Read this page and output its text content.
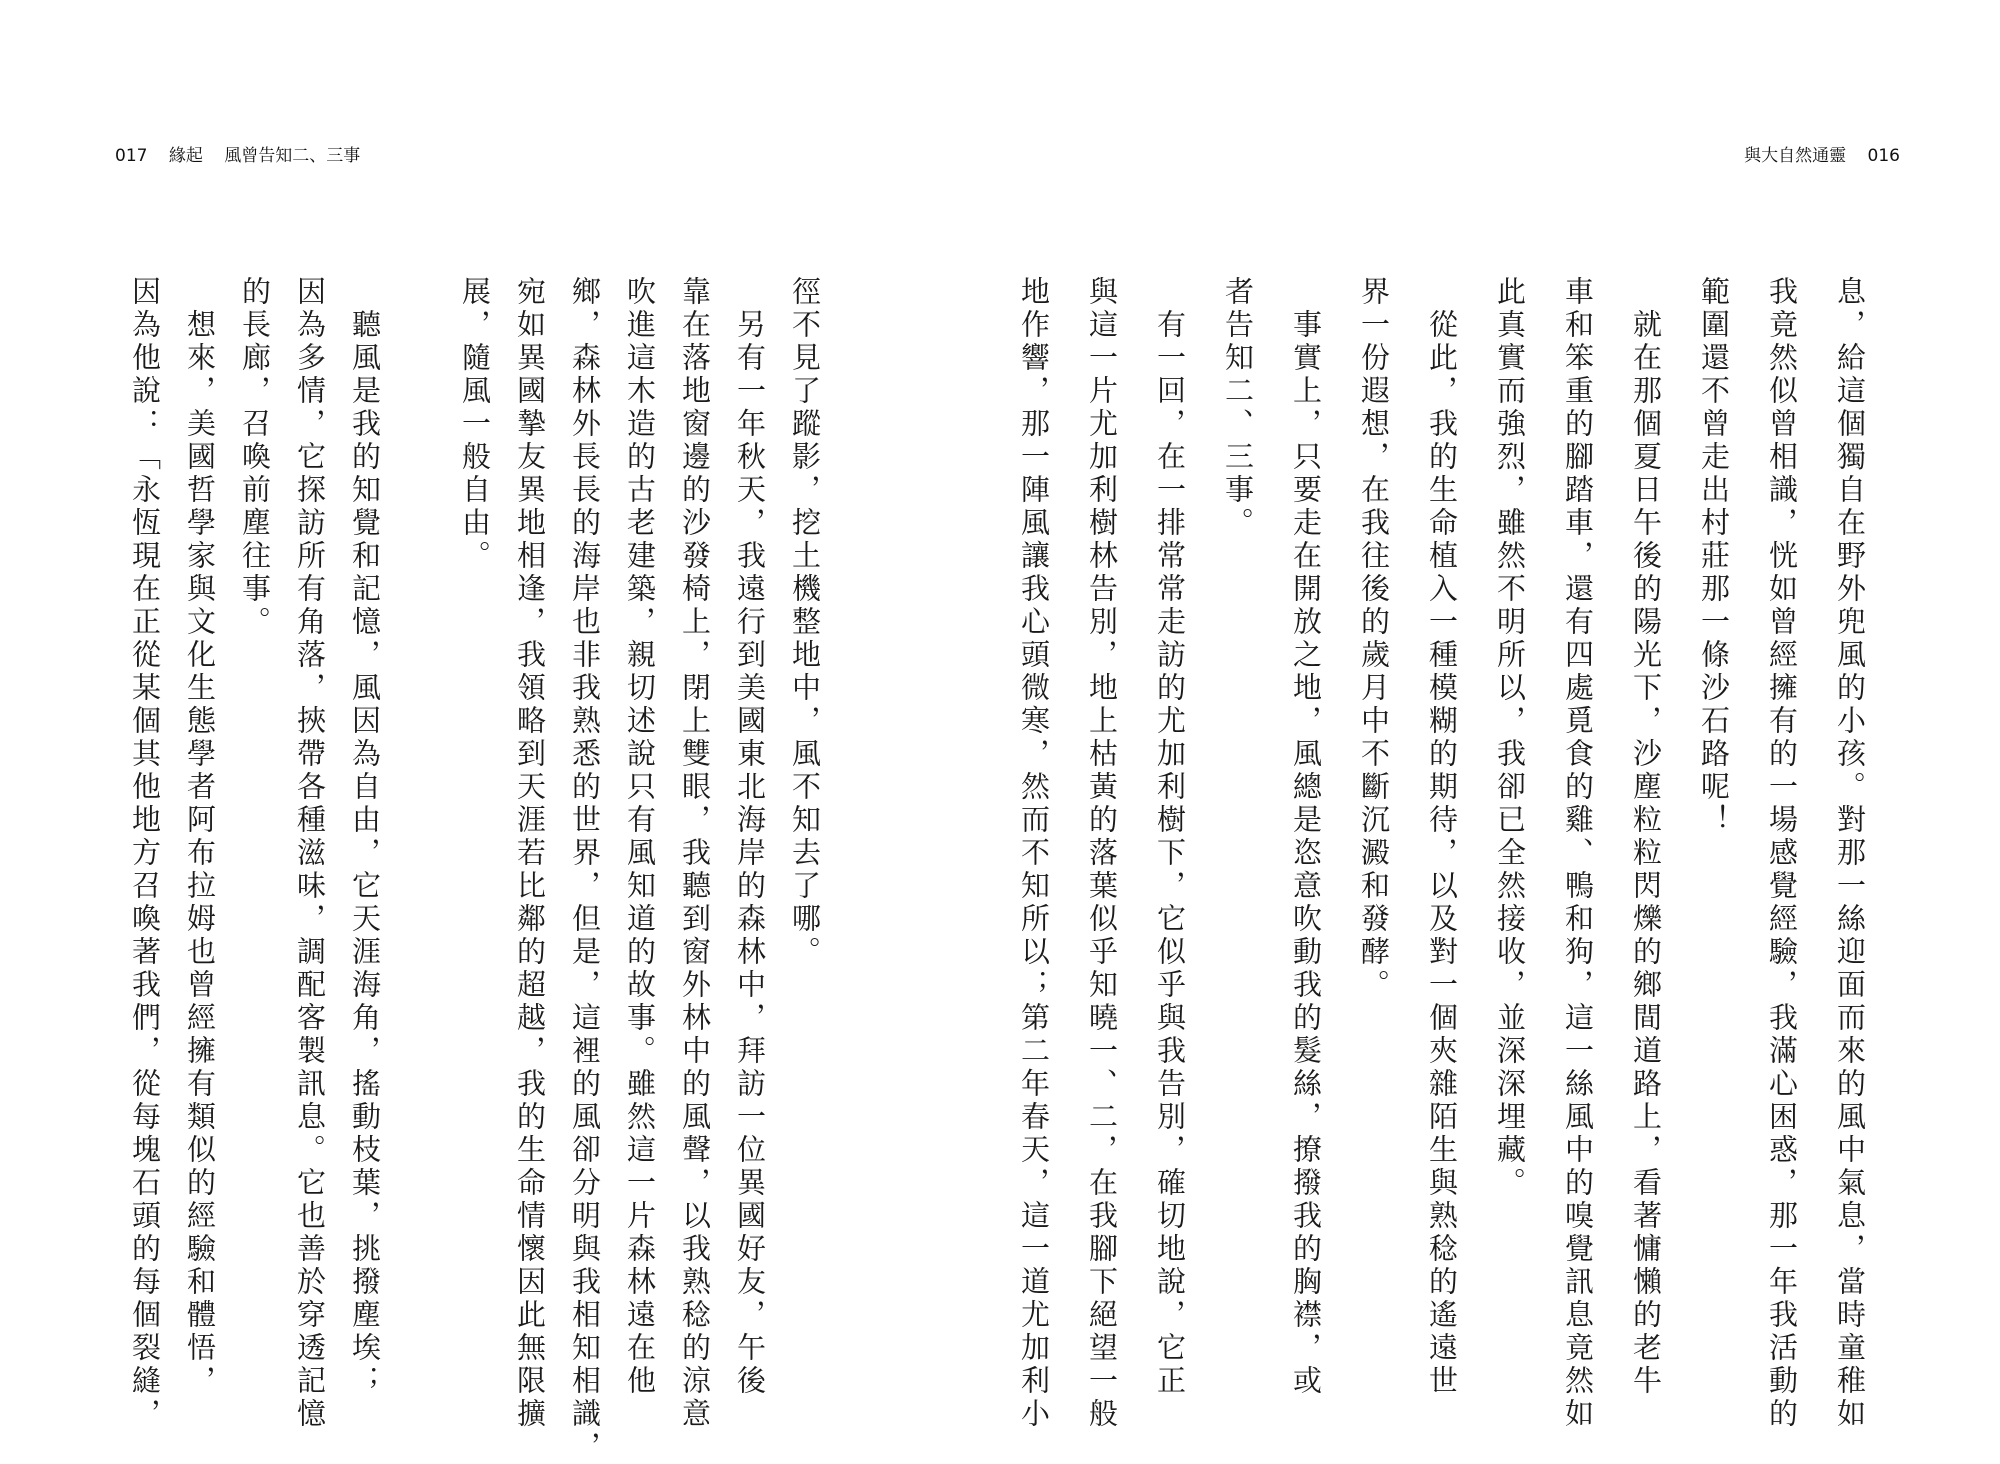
017 緣起 風曾告知二、三事	與大自然通靈 016
息，給這個獨自在野外兜風的小孩。對那一絲迎面而來的風中氣息，當時童稚如
我竟然似曾相識，恍如曾經擁有的一場感覺經驗，我滿心困惑，那一年我活動的
範圍還不曾走出村莊那一條沙石路呢！
　就在那個夏日午後的陽光下，沙塵粒粒閃爍的鄉間道路上，看著慵懶的老牛
車和笨重的腳踏車，還有四處覓食的雞、鴨和狗，這一絲風中的嗅覺訊息竟然如
此真實而強烈，雖然不明所以，我卻已全然接收，並深深埋藏。
　從此，我的生命植入一種模糊的期待，以及對一個夾雜陌生與熟稔的遙遠世
界一份遐想，在我往後的歲月中不斷沉澱和發酵。
　事實上，只要走在開放之地，風總是恣意吹動我的髮絲，撩撥我的胸襟，或
者告知二、三事。
　有一回，在一排常常走訪的尤加利樹下，它似乎與我告別，確切地說，它正
與這一片尤加利樹林告別，地上枯黃的落葉似乎知曉一、二，在我腳下絕望一般
地作響，那一陣風讓我心頭微寒，然而不知所以；第二年春天，這一道尤加利小
徑不見了蹤影，挖土機整地中，風不知去了哪。
　另有一年秋天，我遠行到美國東北海岸的森林中，拜訪一位異國好友，午後
靠在落地窗邊的沙發椅上，閉上雙眼，我聽到窗外林中的風聲，以我熟稔的涼意
吹進這木造的古老建築，親切述說只有風知道的故事。雖然這一片森林遠在他
鄉，森林外長長的海岸也非我熟悉的世界，但是，這裡的風卻分明與我相知相識，
宛如異國摯友異地相逢，我領略到天涯若比鄰的超越，我的生命情懷因此無限擴
展，隨風一般自由。
　聽風是我的知覺和記憶，風因為自由，它天涯海角，搖動枝葉，挑撥塵埃；
因為多情，它探訪所有角落，挾帶各種滋味，調配客製訊息。它也善於穿透記憶
的長廊，召喚前塵往事。
　想來，美國哲學家與文化生態學者阿布拉姆也曾經擁有類似的經驗和體悟，
因為他說：「永恆現在正從某個其他地方召喚著我們，從每塊石頭的每個裂縫，
